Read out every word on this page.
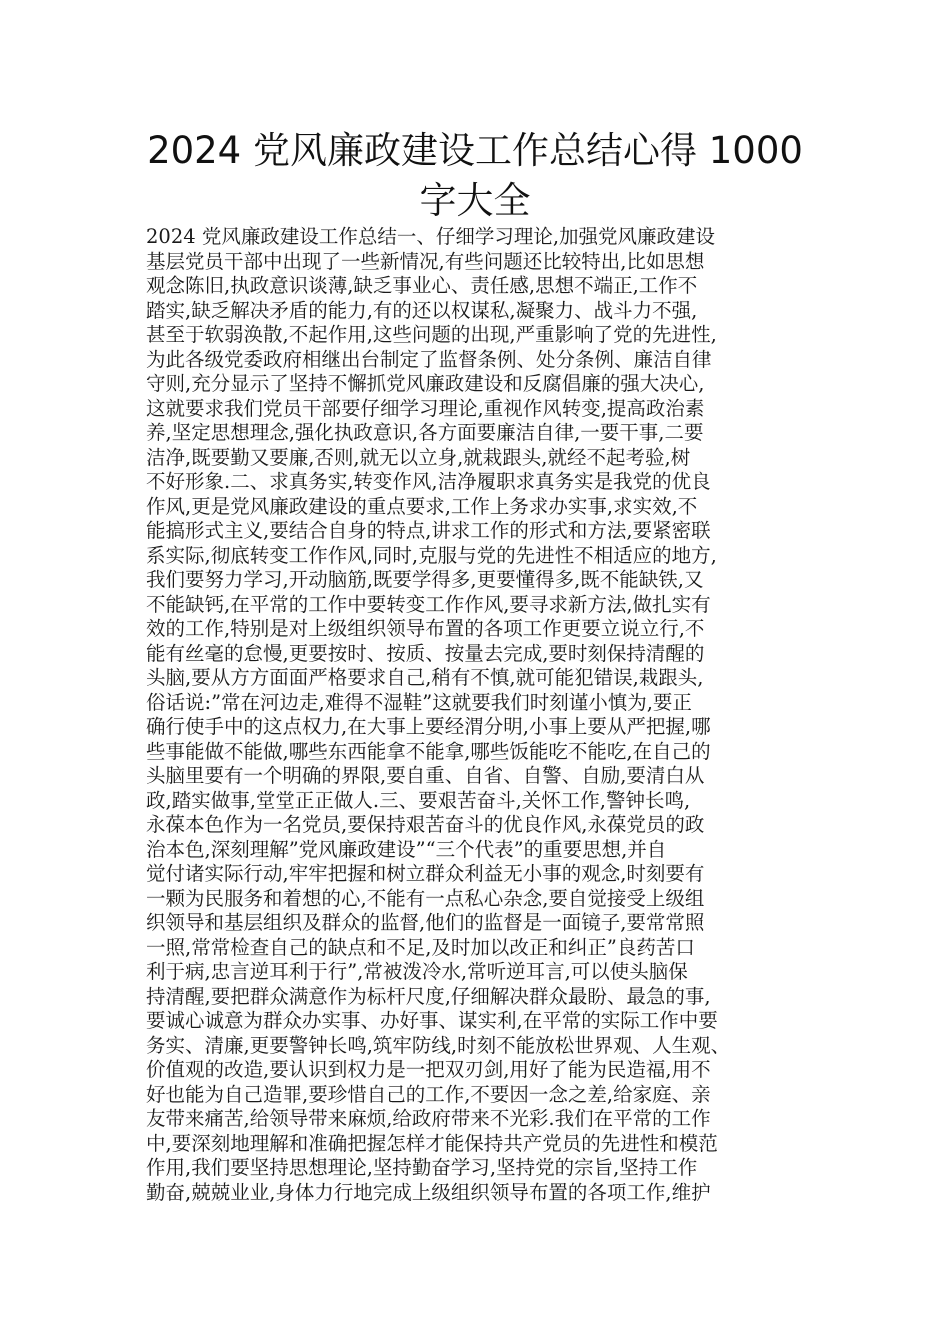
2024 党风廉政建设工作总结心得 1000
字大全

2024 党风廉政建设工作总结一、仔细学习理论,加强党风廉政建设

基层党员干部中出现了一些新情况,有些问题还比较特出,比如思想

观念陈旧,执政意识谈薄,缺乏事业心、责任感,思想不端正,工作不

踏实,缺乏解决矛盾的能力,有的还以权谋私,凝聚力、战斗力不强,

甚至于软弱涣散,不起作用,这些问题的出现,严重影响了党的先进性,

为此各级党委政府相继出台制定了监督条例、处分条例、廉洁自律

守则,充分显示了坚持不懈抓党风廉政建设和反腐倡廉的强大决心,

这就要求我们党员干部要仔细学习理论,重视作风转变,提高政治素

养,坚定思想理念,强化执政意识,各方面要廉洁自律,一要干事,二要

洁净,既要勤又要廉,否则,就无以立身,就栽跟头,就经不起考验,树

不好形象.二、求真务实,转变作风,洁净履职求真务实是我党的优良

作风,更是党风廉政建设的重点要求,工作上务求办实事,求实效,不

能搞形式主义,要结合自身的特点,讲求工作的形式和方法,要紧密联

系实际,彻底转变工作作风,同时,克服与党的先进性不相适应的地方,

我们要努力学习,开动脑筋,既要学得多,更要懂得多,既不能缺铁,又

不能缺钙,在平常的工作中要转变工作作风,要寻求新方法,做扎实有

效的工作,特别是对上级组织领导布置的各项工作更要立说立行,不

能有丝毫的怠慢,更要按时、按质、按量去完成,要时刻保持清醒的

头脑,要从方方面面严格要求自己,稍有不慎,就可能犯错误,栽跟头,

俗话说:”常在河边走,难得不湿鞋”这就要我们时刻谨小慎为,要正

确行使手中的这点权力,在大事上要经渭分明,小事上要从严把握,哪

些事能做不能做,哪些东西能拿不能拿,哪些饭能吃不能吃,在自己的

头脑里要有一个明确的界限,要自重、自省、自警、自励,要清白从

政,踏实做事,堂堂正正做人.三、要艰苦奋斗,关怀工作,警钟长鸣,

永葆本色作为一名党员,要保持艰苦奋斗的优良作风,永葆党员的政

治本色,深刻理解”党风廉政建设”“三个代表”的重要思想,并自

觉付诸实际行动,牢牢把握和树立群众利益无小事的观念,时刻要有

一颗为民服务和着想的心,不能有一点私心杂念,要自觉接受上级组

织领导和基层组织及群众的监督,他们的监督是一面镜子,要常常照

一照,常常检查自己的缺点和不足,及时加以改正和纠正”良药苦口

利于病,忠言逆耳利于行”,常被泼冷水,常听逆耳言,可以使头脑保

持清醒,要把群众满意作为标杆尺度,仔细解决群众最盼、最急的事,

要诚心诚意为群众办实事、办好事、谋实利,在平常的实际工作中要

务实、清廉,更要警钟长鸣,筑牢防线,时刻不能放松世界观、人生观、

价值观的改造,要认识到权力是一把双刃剑,用好了能为民造福,用不

好也能为自己造罪,要珍惜自己的工作,不要因一念之差,给家庭、亲

友带来痛苦,给领导带来麻烦,给政府带来不光彩.我们在平常的工作

中,要深刻地理解和准确把握怎样才能保持共产党员的先进性和模范

作用,我们要坚持思想理论,坚持勤奋学习,坚持党的宗旨,坚持工作

勤奋,兢兢业业,身体力行地完成上级组织领导布置的各项工作,维护
